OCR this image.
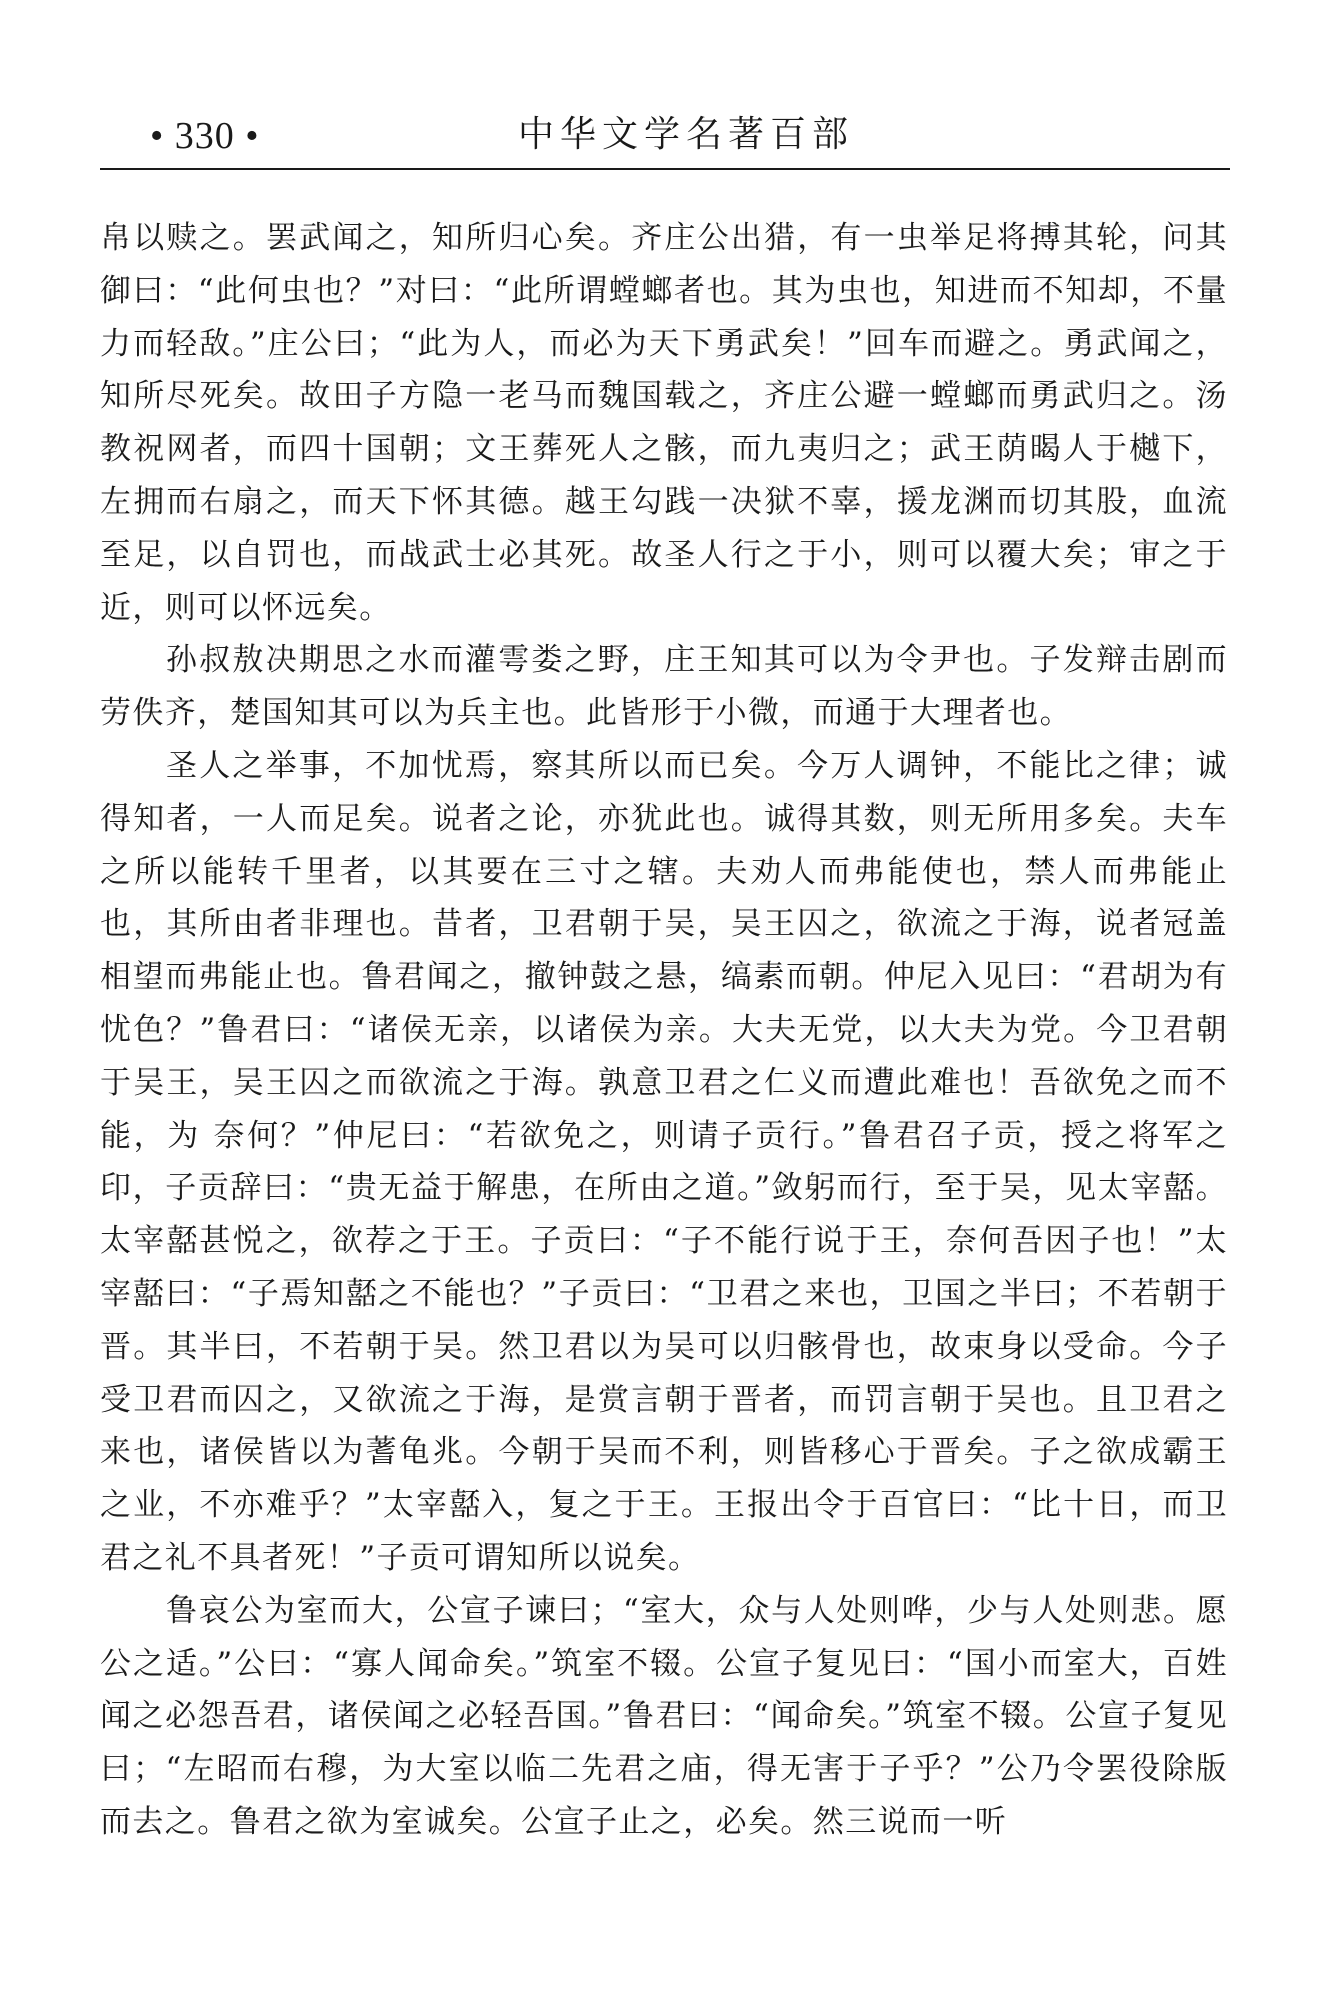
• 330 •	中华文学名著百部

帛以赎之。罢武闻之，知所归心矣。齐庄公出猎，有一虫举足将搏其轮，问其御曰：“此何虫也？”对曰：“此所谓螳螂者也。其为虫也，知进而不知却，不量力而轻敌。”庄公曰；“此为人，而必为天下勇武矣！”回车而避之。勇武闻之，知所尽死矣。故田子方隐一老马而魏国载之，齐庄公避一螳螂而勇武归之。汤教祝网者，而四十国朝；文王葬死人之骸，而九夷归之；武王荫暍人于樾下，左拥而右扇之，而天下怀其德。越王勾践一决狱不辜，援龙渊而切其股，血流至足，以自罚也，而战武士必其死。故圣人行之于小，则可以覆大矣；审之于近，则可以怀远矣。

孙叔敖决期思之水而灌雩娄之野，庄王知其可以为令尹也。子发辩击剧而劳佚齐，楚国知其可以为兵主也。此皆形于小微，而通于大理者也。

圣人之举事，不加忧焉，察其所以而已矣。今万人调钟，不能比之律；诚得知者，一人而足矣。说者之论，亦犹此也。诚得其数，则无所用多矣。夫车之所以能转千里者，以其要在三寸之辖。夫劝人而弗能使也，禁人而弗能止也，其所由者非理也。昔者，卫君朝于吴，吴王囚之，欲流之于海，说者冠盖相望而弗能止也。鲁君闻之，撤钟鼓之悬，缟素而朝。仲尼入见曰：“君胡为有忧色？”鲁君曰：“诸侯无亲，以诸侯为亲。大夫无党，以大夫为党。今卫君朝于吴王，吴王囚之而欲流之于海。孰意卫君之仁义而遭此难也！吾欲免之而不能，为 奈何？”仲尼曰：“若欲免之，则请子贡行。”鲁君召子贡，授之将军之印，子贡辞曰：“贵无益于解患，在所由之道。”敛躬而行，至于吴，见太宰嚭。太宰嚭甚悦之，欲荐之于王。子贡曰：“子不能行说于王，奈何吾因子也！”太宰嚭曰：“子焉知嚭之不能也？”子贡曰：“卫君之来也，卫国之半曰；不若朝于晋。其半曰，不若朝于吴。然卫君以为吴可以归骸骨也，故束身以受命。今子受卫君而囚之，又欲流之于海，是赏言朝于晋者，而罚言朝于吴也。且卫君之来也，诸侯皆以为蓍龟兆。今朝于吴而不利，则皆移心于晋矣。子之欲成霸王之业，不亦难乎？”太宰嚭入，复之于王。王报出令于百官曰：“比十日，而卫君之礼不具者死！”子贡可谓知所以说矣。

鲁哀公为室而大，公宣子谏曰；“室大，众与人处则哗，少与人处则悲。愿公之适。”公曰：“寡人闻命矣。”筑室不辍。公宣子复见曰：“国小而室大，百姓闻之必怨吾君，诸侯闻之必轻吾国。”鲁君曰：“闻命矣。”筑室不辍。公宣子复见曰；“左昭而右穆，为大室以临二先君之庙，得无害于子乎？”公乃令罢役除版而去之。鲁君之欲为室诚矣。公宣子止之，必矣。然三说而一听
